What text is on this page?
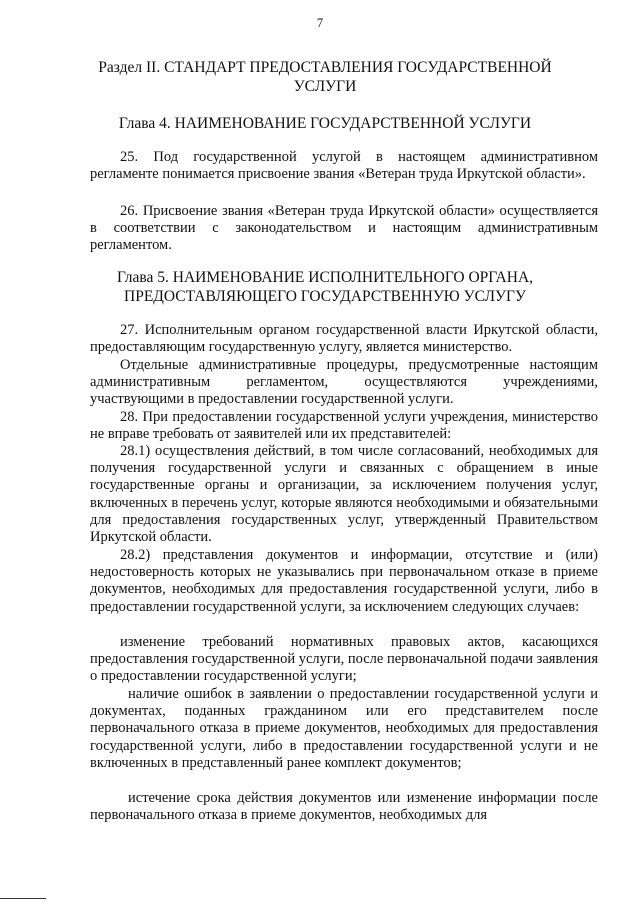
7
Раздел II. СТАНДАРТ ПРЕДОСТАВЛЕНИЯ ГОСУДАРСТВЕННОЙ УСЛУГИ
Глава 4. НАИМЕНОВАНИЕ ГОСУДАРСТВЕННОЙ УСЛУГИ

25. Под государственной услугой в настоящем административном регламенте понимается присвоение звания «Ветеран труда Иркутской области».

26. Присвоение звания «Ветеран труда Иркутской области» осуществляется в соответствии с законодательством и настоящим административным регламентом.

27. Исполнительным органом государственной власти Иркутской области, предоставляющим государственную услугу, является министерство.

Отдельные административные процедуры, предусмотренные настоящим административным регламентом, осуществляются учреждениями, участвующими в предоставлении государственной услуги.

28. При предоставлении государственной услуги учреждения, министерство не вправе требовать от заявителей или их представителей:

28.1) осуществления действий, в том числе согласований, необходимых для получения государственной услуги и связанных с обращением в иные государственные органы и организации, за исключением получения услуг, включенных в перечень услуг, которые являются необходимыми и обязательными для предоставления государственных услуг, утвержденный Правительством Иркутской области.

28.2) представления документов и информации, отсутствие и (или) недостоверность которых не указывались при первоначальном отказе в приеме документов, необходимых для предоставления государственной услуги, либо в предоставлении государственной услуги, за исключением следующих случаев:

изменение требований нормативных правовых актов, касающихся предоставления государственной услуги, после первоначальной подачи заявления о предоставлении государственной услуги;

наличие ошибок в заявлении о предоставлении государственной услуги и документах, поданных гражданином или его представителем после первоначального отказа в приеме документов, необходимых для предоставления государственной услуги, либо в предоставлении государственной услуги и не включенных в представленный ранее комплект документов;

истечение срока действия документов или изменение информации после первоначального отказа в приеме документов, необходимых для

Глава 5. НАИМЕНОВАНИЕ ИСПОЛНИТЕЛЬНОГО ОРГАНА, ПРЕДОСТАВЛЯЮЩЕГО ГОСУДАРСТВЕННУЮ УСЛУГУ
